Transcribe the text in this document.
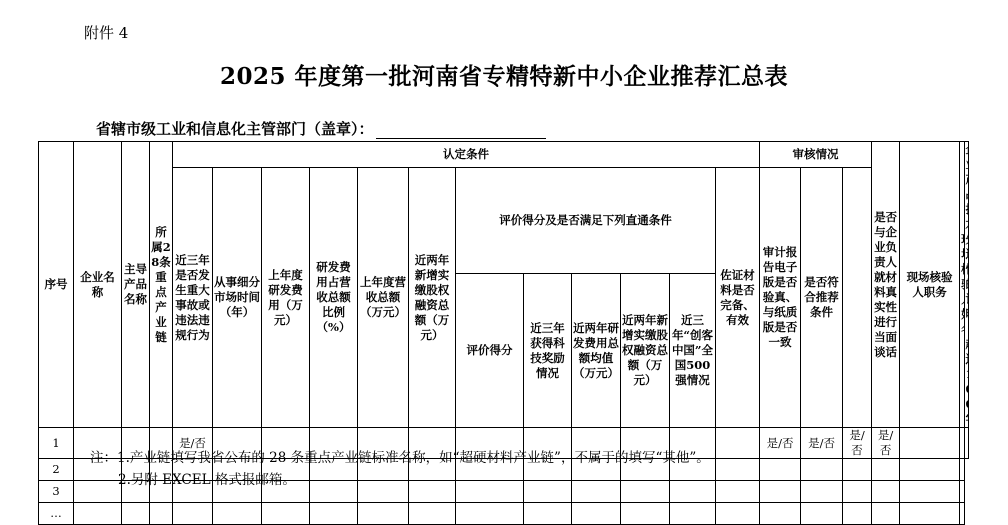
附件 4
2025 年度第一批河南省专精特新中小企业推荐汇总表
省辖市级工业和信息化主管部门（盖章）：
序号	企业名称	主导产品名称	所属28条重点产业链	认定条件												审核情况			是否与企业负责人就材料真实性进行当面谈话	现场核验人职务		
				近三年是否发生重大事故或违法违规行为	从事细分市场时间（年）	上年度研发费用（万元）	研发费用占营收总额比例（%）	上年度营收总额（万元）	近两年新增实缴股权融资总额（万元）	评价得分及是否满足下列直通条件					佐证材料是否完备、有效	审计报告电子版是否验真、与纸质版是否一致	是否符合推荐条件					
										评价得分	近三年获得科技奖励情况	近两年研发费用总额均值（万元）	近两年新增实缴股权融资总额（万元）	近三年“创客中国”全国500强情况								
1				是/否												是/否	是/否	是/否	是/否			
2																						
3																						
…																						
注：1.产业链填写我省公布的 28 条重点产业链标准名称，如“超硬材料产业链”，不属于的填写“其他”。
2.另附 EXCEL 格式报邮箱。
